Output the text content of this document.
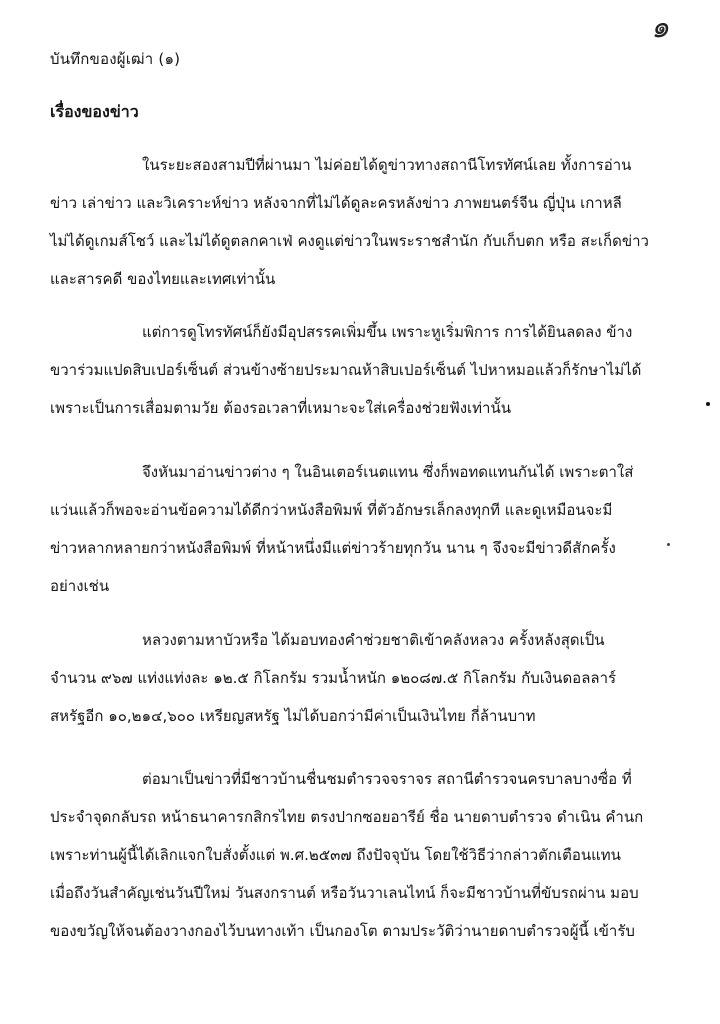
๑
บันทึกของผู้เฒ่า (๑)
เรื่องของข่าว
ในระยะสองสามปีที่ผ่านมา ไม่ค่อยได้ดูข่าวทางสถานีโทรทัศน์เลย ทั้งการอ่าน
ข่าว เล่าข่าว และวิเคราะห์ข่าว หลังจากที่ไม่ได้ดูละครหลังข่าว ภาพยนตร์จีน ญี่ปุ่น เกาหลี
ไม่ได้ดูเกมส์โชว์ และไม่ได้ดูตลกคาเฟ่ คงดูแต่ข่าวในพระราชสำนัก กับเก็บตก หรือ สะเก็ดข่าว
และสารคดี ของไทยและเทศเท่านั้น
แต่การดูโทรทัศน์ก็ยังมีอุปสรรคเพิ่มขึ้น เพราะหูเริ่มพิการ การได้ยินลดลง ข้าง
ขวาร่วมแปดสิบเปอร์เซ็นต์ ส่วนข้างซ้ายประมาณห้าสิบเปอร์เซ็นต์ ไปหาหมอแล้วก็รักษาไม่ได้
เพราะเป็นการเสื่อมตามวัย ต้องรอเวลาที่เหมาะจะใส่เครื่องช่วยฟังเท่านั้น
จึงหันมาอ่านข่าวต่าง ๆ ในอินเตอร์เนตแทน ซึ่งก็พอทดแทนกันได้ เพราะตาใส่
แว่นแล้วก็พอจะอ่านข้อความได้ดีกว่าหนังสือพิมพ์ ที่ตัวอักษรเล็กลงทุกที และดูเหมือนจะมี
ข่าวหลากหลายกว่าหนังสือพิมพ์ ที่หน้าหนึ่งมีแต่ข่าวร้ายทุกวัน นาน ๆ จึงจะมีข่าวดีสักครั้ง
อย่างเช่น
หลวงตามหาบัวหรือ ได้มอบทองคำช่วยชาติเข้าคลังหลวง ครั้งหลังสุดเป็น
จำนวน ๙๖๗ แท่งแท่งละ ๑๒.๕ กิโลกรัม รวมน้ำหนัก ๑๒๐๘๗.๕ กิโลกรัม กับเงินดอลลาร์
สหรัฐอีก ๑๐,๒๑๔,๖๐๐ เหรียญสหรัฐ ไม่ได้บอกว่ามีค่าเป็นเงินไทย กี่ล้านบาท
ต่อมาเป็นข่าวที่มีชาวบ้านชื่นชมตำรวจจราจร สถานีตำรวจนครบาลบางซื่อ ที่
ประจำจุดกลับรถ หน้าธนาคารกสิกรไทย ตรงปากซอยอารีย์ ชื่อ นายดาบตำรวจ ดำเนิน คำนก
เพราะท่านผู้นี้ได้เลิกแจกใบสั่งตั้งแต่ พ.ศ.๒๕๓๗ ถึงปัจจุบัน โดยใช้วิธีว่ากล่าวตักเตือนแทน
เมื่อถึงวันสำคัญเช่นวันปีใหม่ วันสงกรานต์ หรือวันวาเลนไทน์ ก็จะมีชาวบ้านที่ขับรถผ่าน มอบ
ของขวัญให้จนต้องวางกองไว้บนทางเท้า เป็นกองโต ตามประวัติว่านายดาบตำรวจผู้นี้ เข้ารับ
